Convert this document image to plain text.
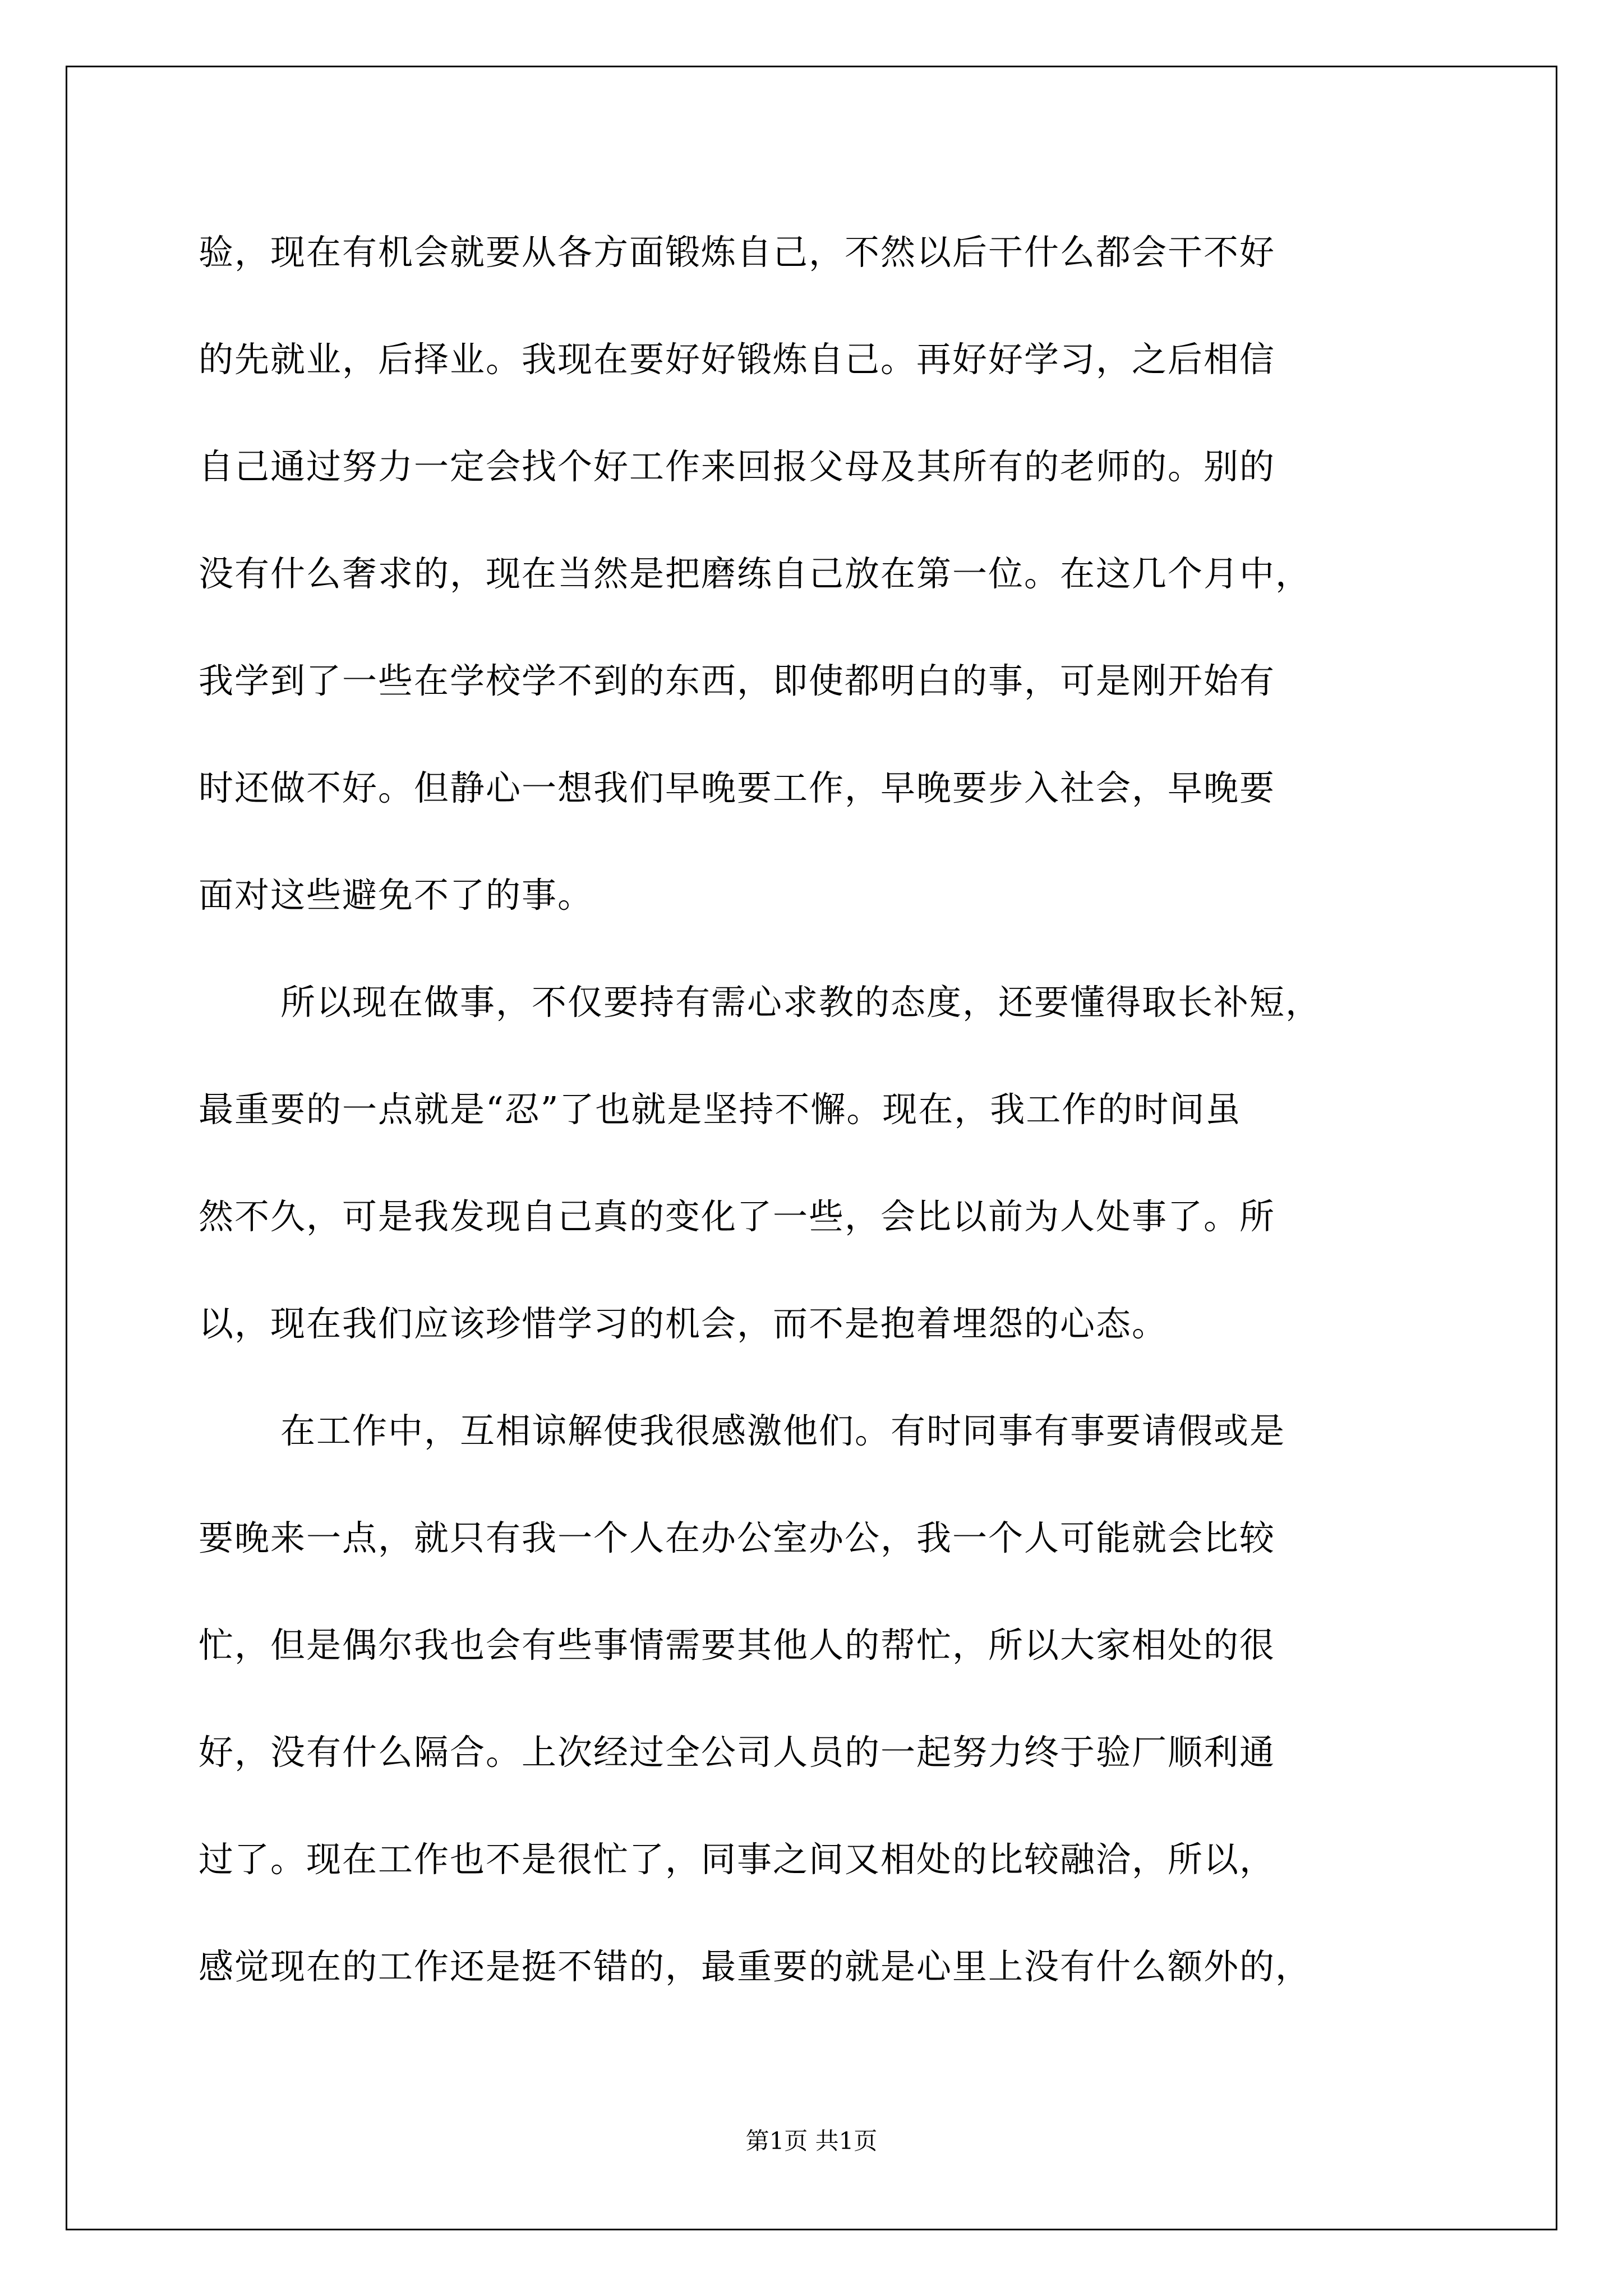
验，现在有机会就要从各方面锻炼自己，不然以后干什么都会干不好
的先就业，后择业。我现在要好好锻炼自己。再好好学习，之后相信
自己通过努力一定会找个好工作来回报父母及其所有的老师的。别的
没有什么奢求的，现在当然是把磨练自己放在第一位。在这几个月中，
我学到了一些在学校学不到的东西，即使都明白的事，可是刚开始有
时还做不好。但静心一想我们早晚要工作，早晚要步入社会，早晚要
面对这些避免不了的事。
所以现在做事，不仅要持有需心求教的态度，还要懂得取长补短，
最重要的一点就是“忍”了也就是坚持不懈。现在，我工作的时间虽
然不久，可是我发现自己真的变化了一些，会比以前为人处事了。所
以，现在我们应该珍惜学习的机会，而不是抱着埋怨的心态。
在工作中，互相谅解使我很感激他们。有时同事有事要请假或是
要晚来一点，就只有我一个人在办公室办公，我一个人可能就会比较
忙，但是偶尔我也会有些事情需要其他人的帮忙，所以大家相处的很
好，没有什么隔合。上次经过全公司人员的一起努力终于验厂顺利通
过了。现在工作也不是很忙了，同事之间又相处的比较融洽，所以，
感觉现在的工作还是挺不错的，最重要的就是心里上没有什么额外的，
第1页 共1页
